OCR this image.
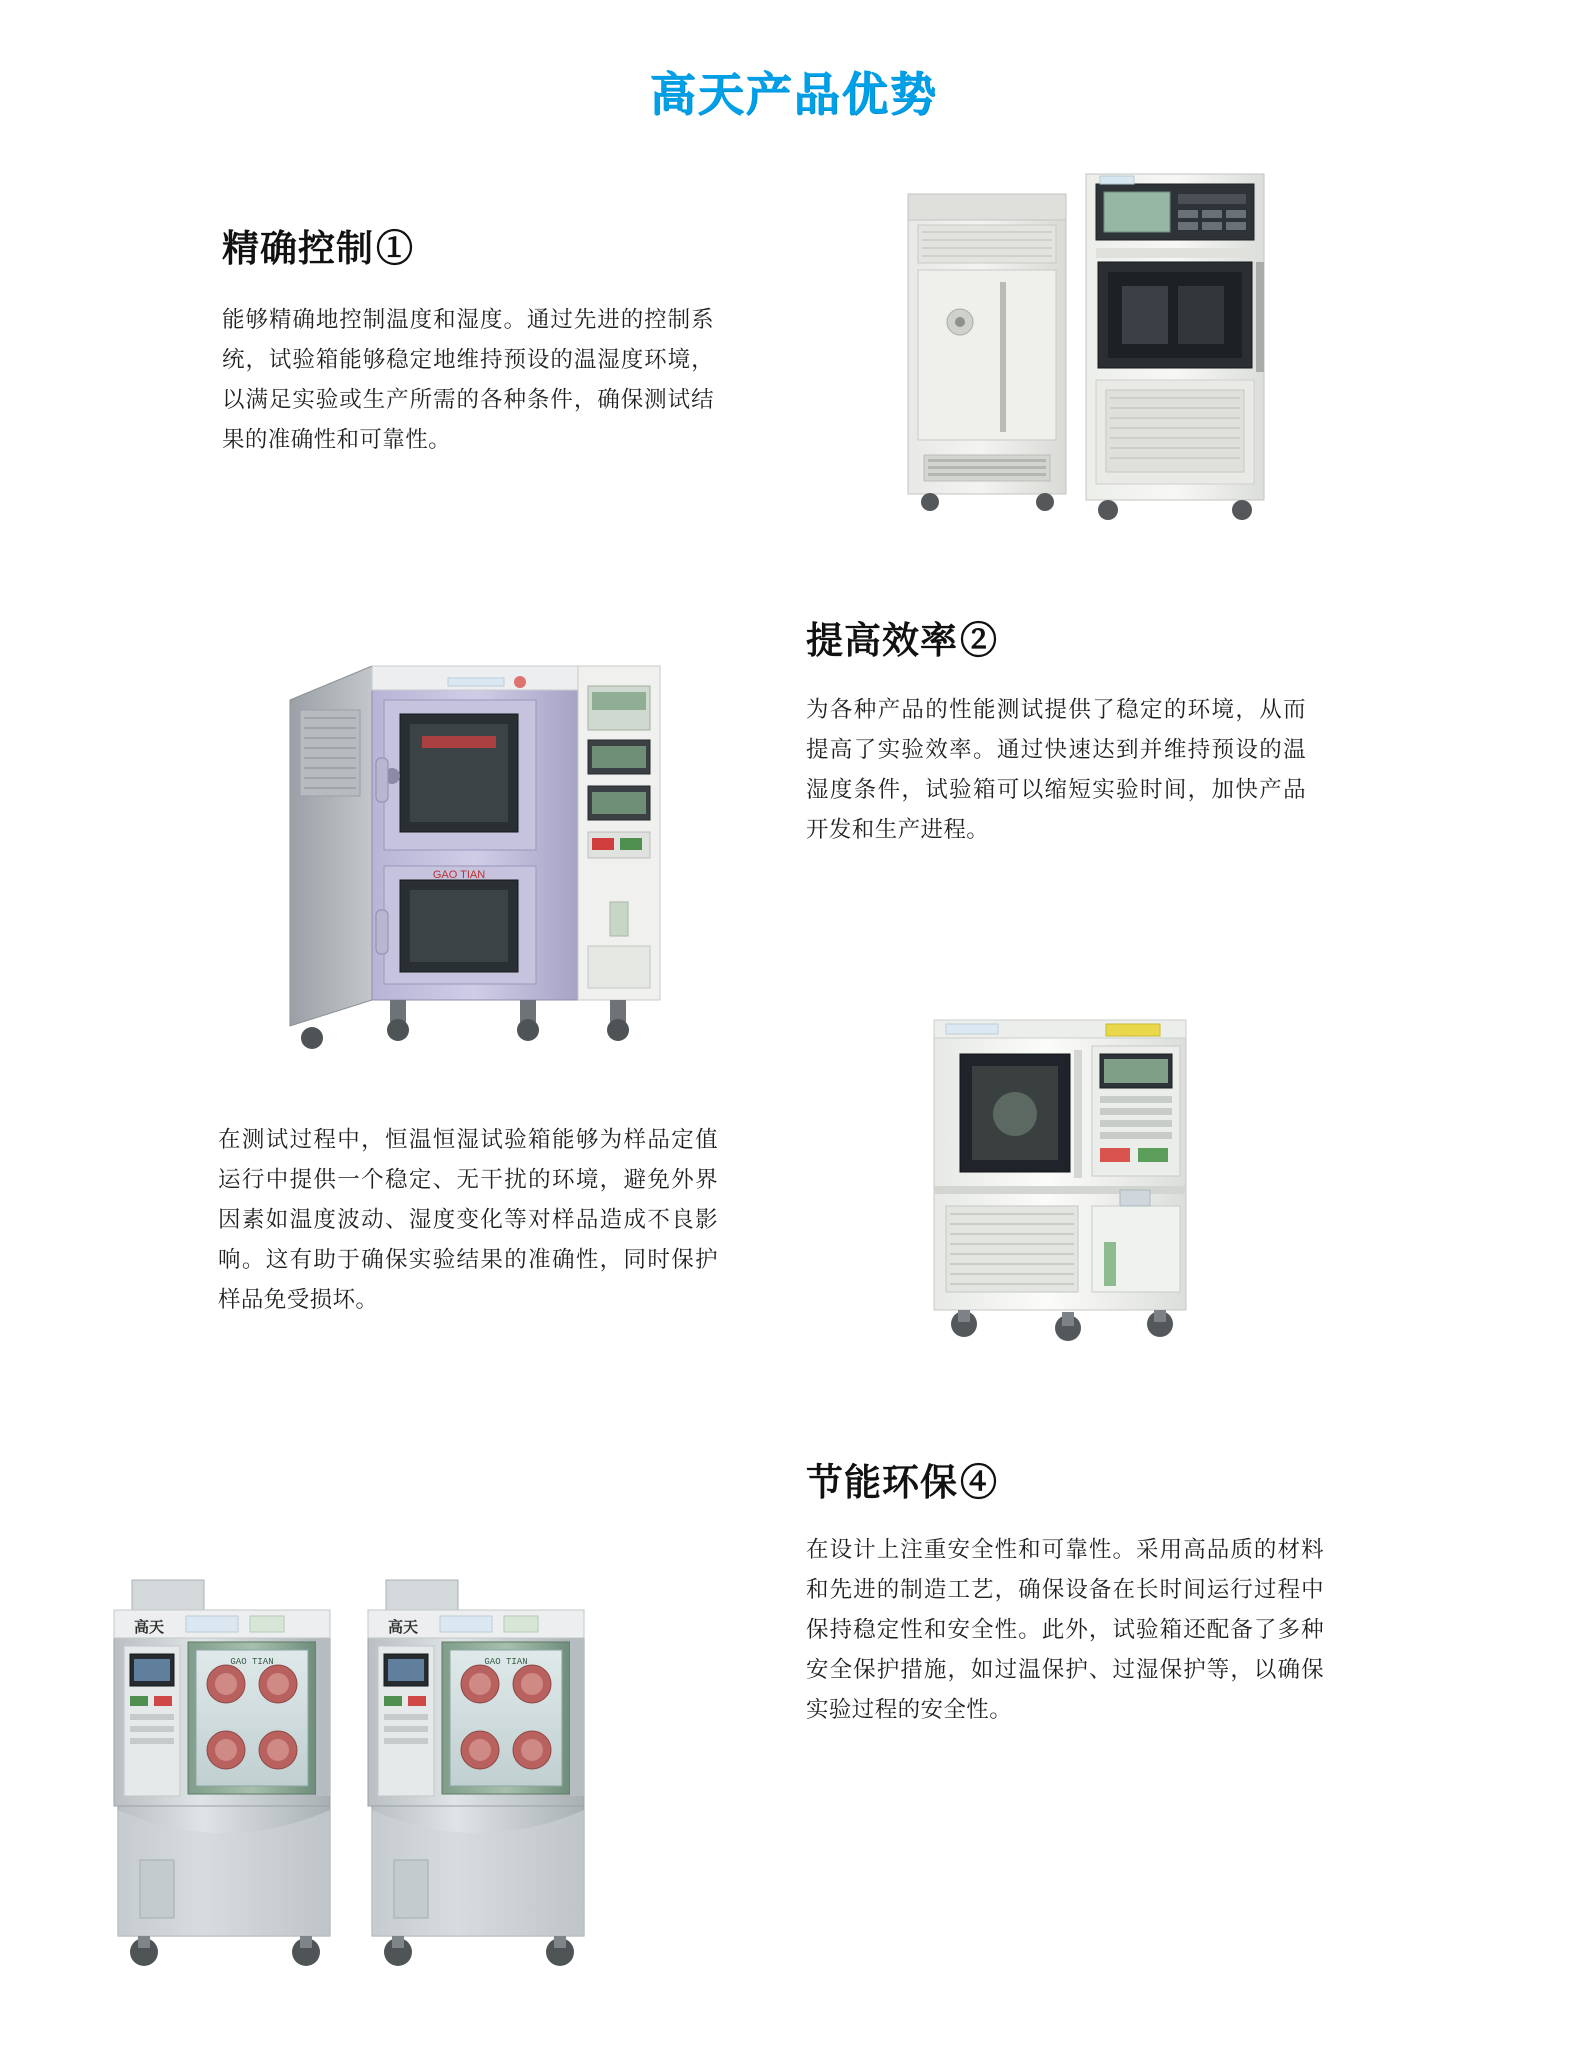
高天产品优势
精确控制①
能够精确地控制温度和湿度。通过先进的控制系统，试验箱能够稳定地维持预设的温湿度环境，以满足实验或生产所需的各种条件，确保测试结果的准确性和可靠性。
提高效率②
为各种产品的性能测试提供了稳定的环境，从而提高了实验效率。通过快速达到并维持预设的温湿度条件，试验箱可以缩短实验时间，加快产品开发和生产进程。
GAO TIAN
在测试过程中，恒温恒湿试验箱能够为样品定值运行中提供一个稳定、无干扰的环境，避免外界因素如温度波动、湿度变化等对样品造成不良影响。这有助于确保实验结果的准确性，同时保护样品免受损坏。
节能环保④
在设计上注重安全性和可靠性。采用高品质的材料和先进的制造工艺，确保设备在长时间运行过程中保持稳定性和安全性。此外，试验箱还配备了多种安全保护措施，如过温保护、过湿保护等，以确保实验过程的安全性。
高天
GAO TIAN
高天
GAO TIAN
